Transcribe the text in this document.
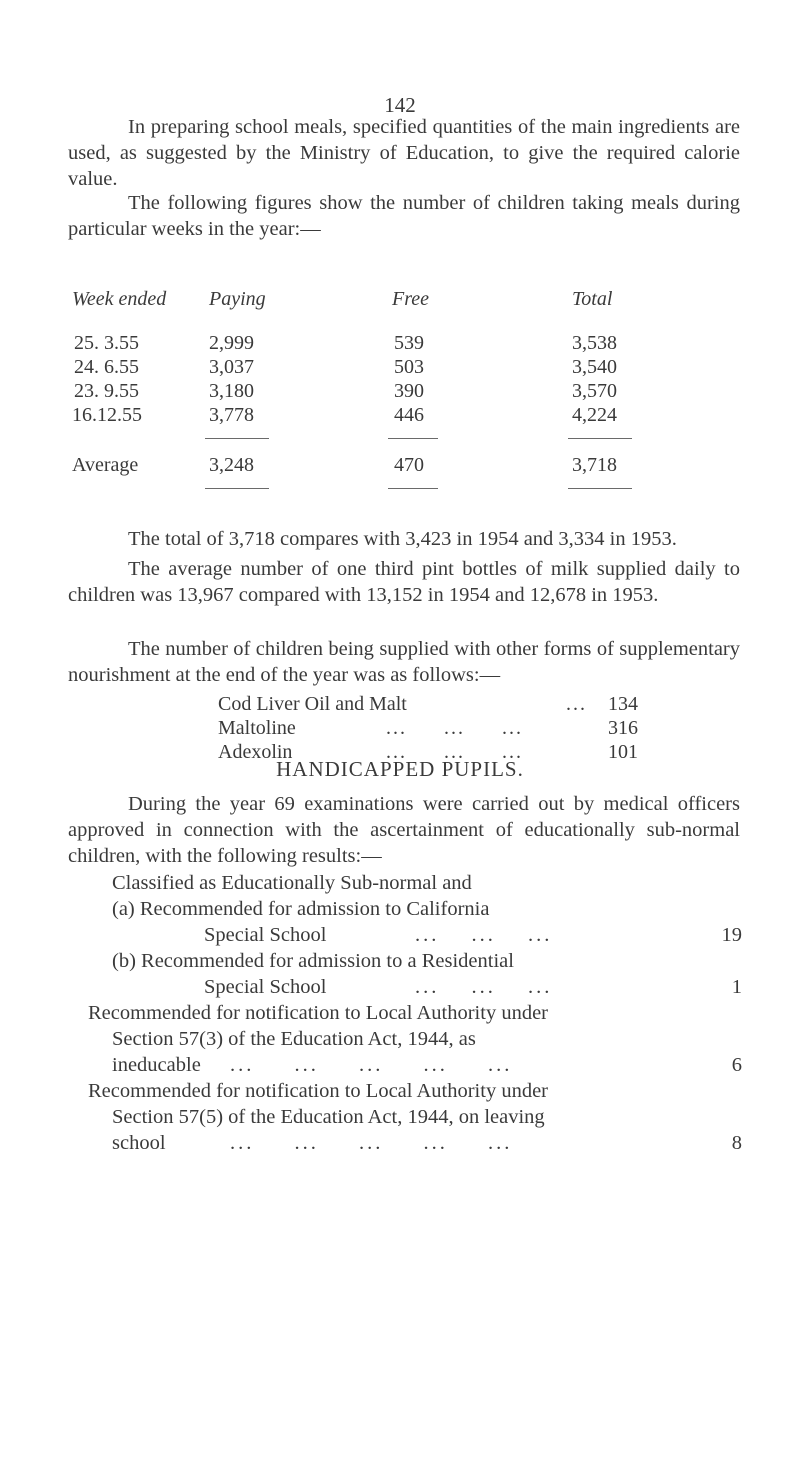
142

In preparing school meals, specified quantities of the main ingredients are used, as suggested by the Ministry of Education, to give the required calorie value.

The following figures show the number of children taking meals during particular weeks in the year:—

Week ended Paying	Free	Total
25. 3.55	2,999	539	3,538
24. 6.55	3,037	503	3,540
23. 9.55	3,180	390	3,570
16.12.55	3,778	446	4,224
Average	3,248	470	3,718

The total of 3,718 compares with 3,423 in 1954 and 3,334 in 1953.

The average number of one third pint bottles of milk supplied daily to children was 13,967 compared with 13,152 in 1954 and 12,678 in 1953.

The number of children being supplied with other forms of supplementary nourishment at the end of the year was as follows:—

Cod Liver Oil and Malt	... 134
Maltoline	... ... ...	316
Adexolin	... ... ...	101
HANDICAPPED PUPILS.

During the year 69 examinations were carried out by medical officers approved in connection with the ascertainment of educationally sub-normal children, with the following results:—

Classified as Educationally Sub-normal and
(a) Recommended for admission to California
Special School	... ... ...	19
(b) Recommended for admission to a Residential
Special School	... ... ...	1
Recommended for notification to Local Authority under
Section 57(3) of the Education Act, 1944, as
ineducable ... ... ... ... ...	6
Recommended for notification to Local Authority under
Section 57(5) of the Education Act, 1944, on leaving
school	... ... ... ... ...	8
